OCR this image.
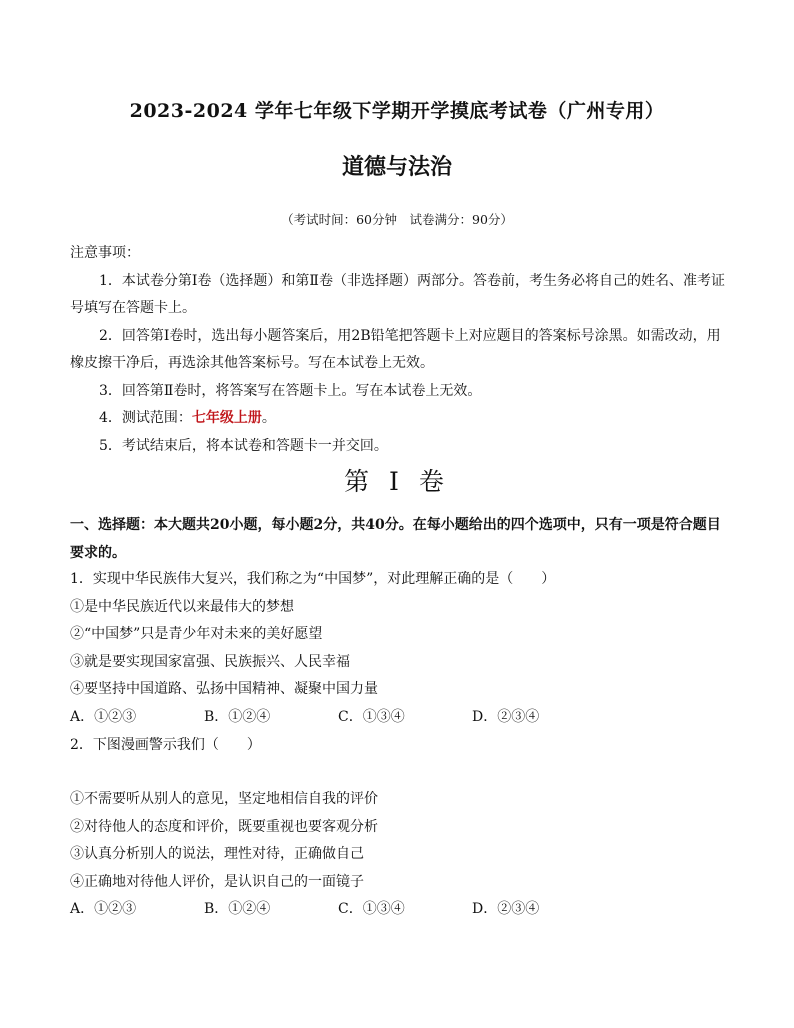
2023-2024 学年七年级下学期开学摸底考试卷（广州专用）
道德与法治
（考试时间：60分钟　试卷满分：90分）
注意事项：

1．本试卷分第Ⅰ卷（选择题）和第Ⅱ卷（非选择题）两部分。答卷前，考生务必将自己的姓名、准考证号填写在答题卡上。

2．回答第Ⅰ卷时，选出每小题答案后，用2B铅笔把答题卡上对应题目的答案标号涂黑。如需改动，用橡皮擦干净后，再选涂其他答案标号。写在本试卷上无效。

3．回答第Ⅱ卷时，将答案写在答题卡上。写在本试卷上无效。

4．测试范围：七年级上册。

5．考试结束后，将本试卷和答题卡一并交回。

第 I 卷
一、选择题：本大题共20小题，每小题2分，共40分。在每小题给出的四个选项中，只有一项是符合题目要求的。

1．实现中华民族伟大复兴，我们称之为“中国梦”，对此理解正确的是（　　）

①是中华民族近代以来最伟大的梦想

②“中国梦”只是青少年对未来的美好愿望

③就是要实现国家富强、民族振兴、人民幸福

④要坚持中国道路、弘扬中国精神、凝聚中国力量

A．①②③	B．①②④	C．①③④	D．②③④

2．下图漫画警示我们（　　）

①不需要听从别人的意见，坚定地相信自我的评价

②对待他人的态度和评价，既要重视也要客观分析

③认真分析别人的说法，理性对待，正确做自己

④正确地对待他人评价，是认识自己的一面镜子

A．①②③	B．①②④	C．①③④	D．②③④
